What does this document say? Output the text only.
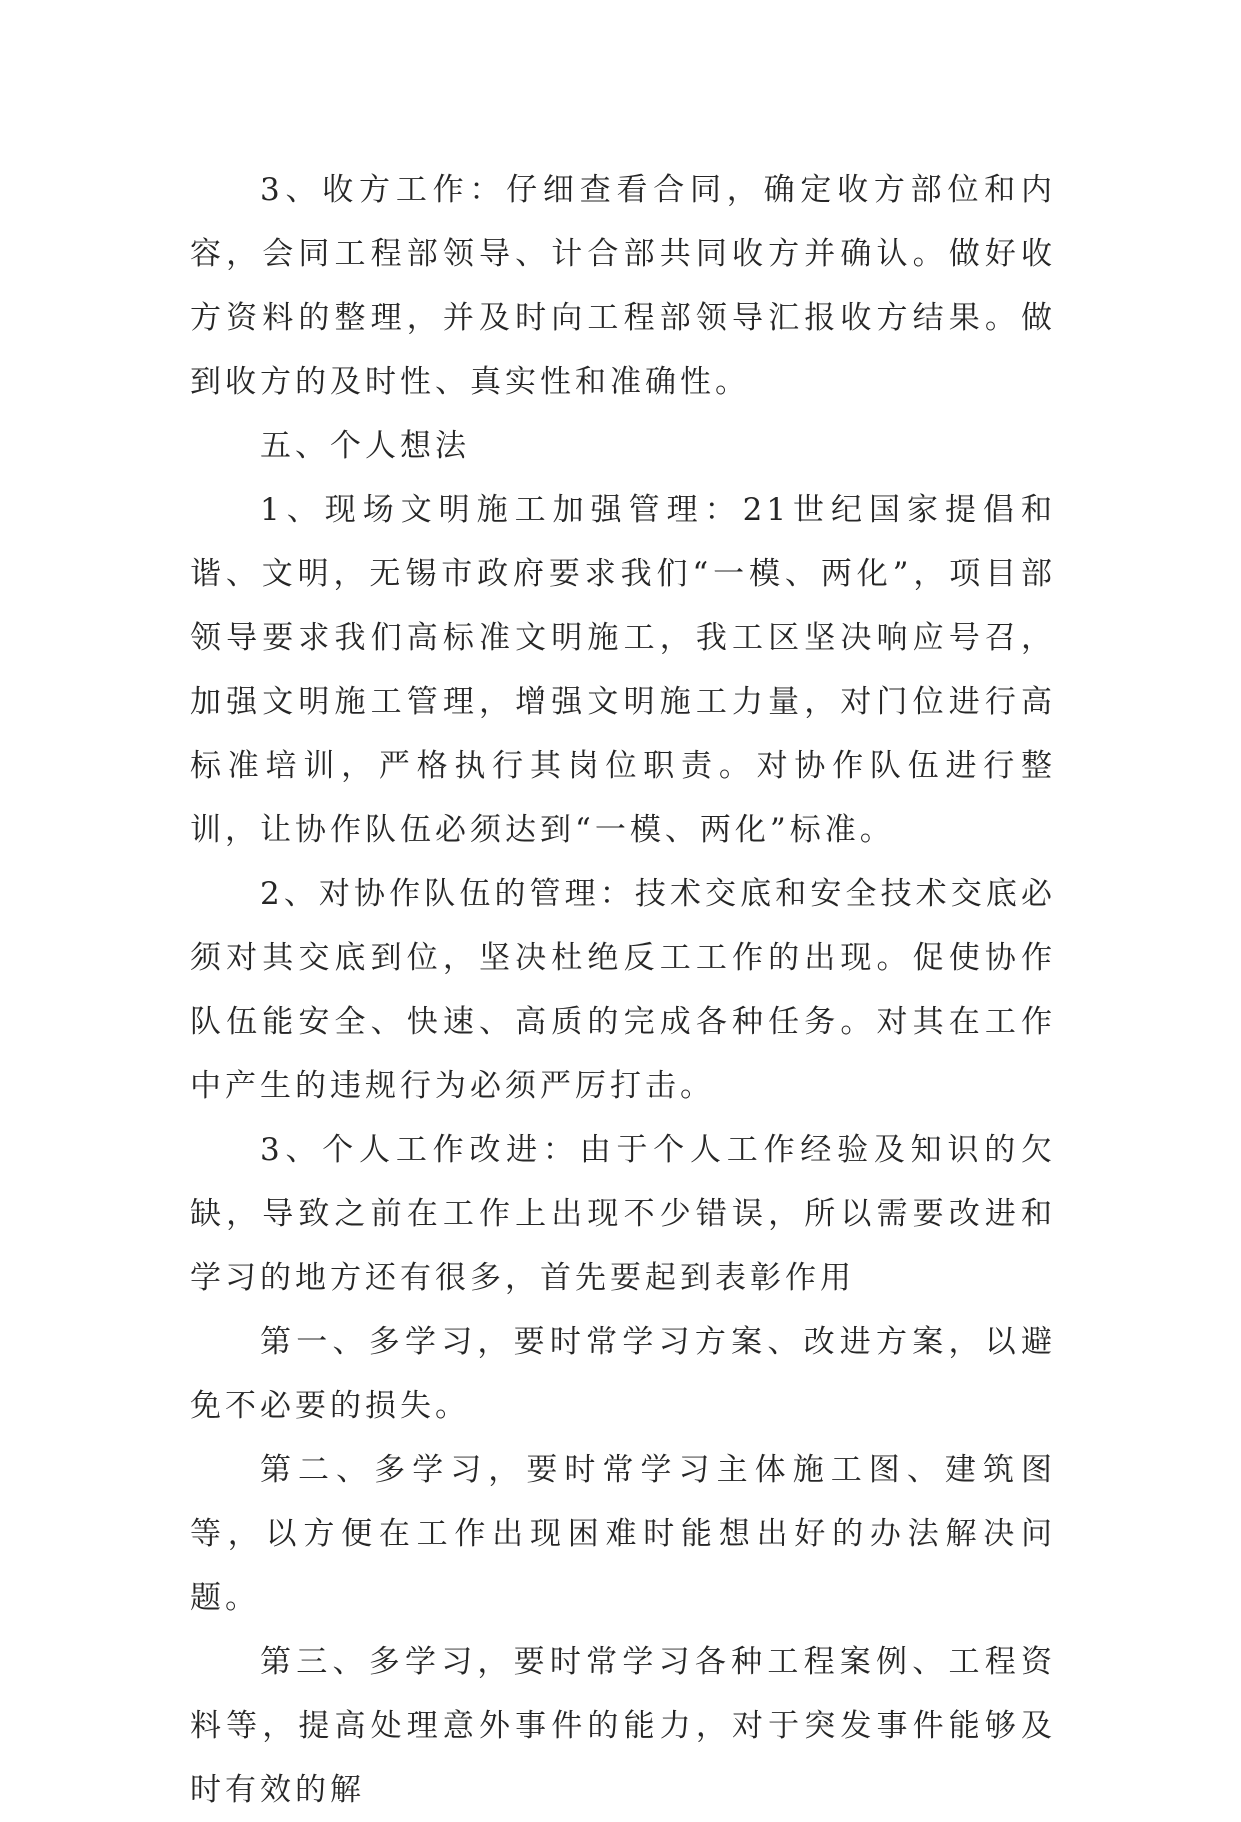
3、收方工作：仔细查看合同，确定收方部位和内容，会同工程部领导、计合部共同收方并确认。做好收方资料的整理，并及时向工程部领导汇报收方结果。做到收方的及时性、真实性和准确性。

五、个人想法

1、现场文明施工加强管理：21世纪国家提倡和谐、文明，无锡市政府要求我们“一模、两化”，项目部领导要求我们高标准文明施工，我工区坚决响应号召，加强文明施工管理，增强文明施工力量，对门位进行高标准培训，严格执行其岗位职责。对协作队伍进行整训，让协作队伍必须达到“一模、两化”标准。

2、对协作队伍的管理：技术交底和安全技术交底必须对其交底到位，坚决杜绝反工工作的出现。促使协作队伍能安全、快速、高质的完成各种任务。对其在工作中产生的违规行为必须严厉打击。

3、个人工作改进：由于个人工作经验及知识的欠缺，导致之前在工作上出现不少错误，所以需要改进和学习的地方还有很多，首先要起到表彰作用

第一、多学习，要时常学习方案、改进方案，以避免不必要的损失。

第二、多学习，要时常学习主体施工图、建筑图等，以方便在工作出现困难时能想出好的办法解决问题。

第三、多学习，要时常学习各种工程案例、工程资料等，提高处理意外事件的能力，对于突发事件能够及时有效的解
